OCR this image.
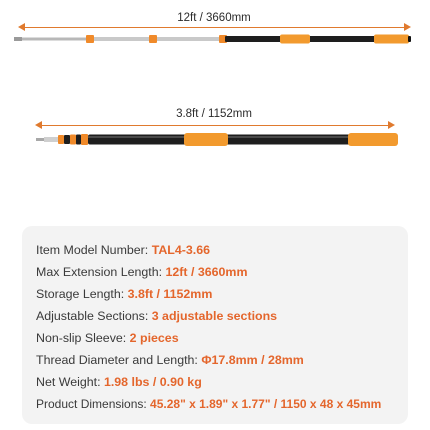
12ft / 3660mm
3.8ft / 1152mm
Item Model Number: TAL4-3.66
Max Extension Length: 12ft / 3660mm
Storage Length: 3.8ft / 1152mm
Adjustable Sections: 3 adjustable sections
Non-slip Sleeve: 2 pieces
Thread Diameter and Length: Φ17.8mm / 28mm
Net Weight: 1.98 lbs / 0.90 kg
Product Dimensions: 45.28" x 1.89" x 1.77" / 1150 x 48 x 45mm
